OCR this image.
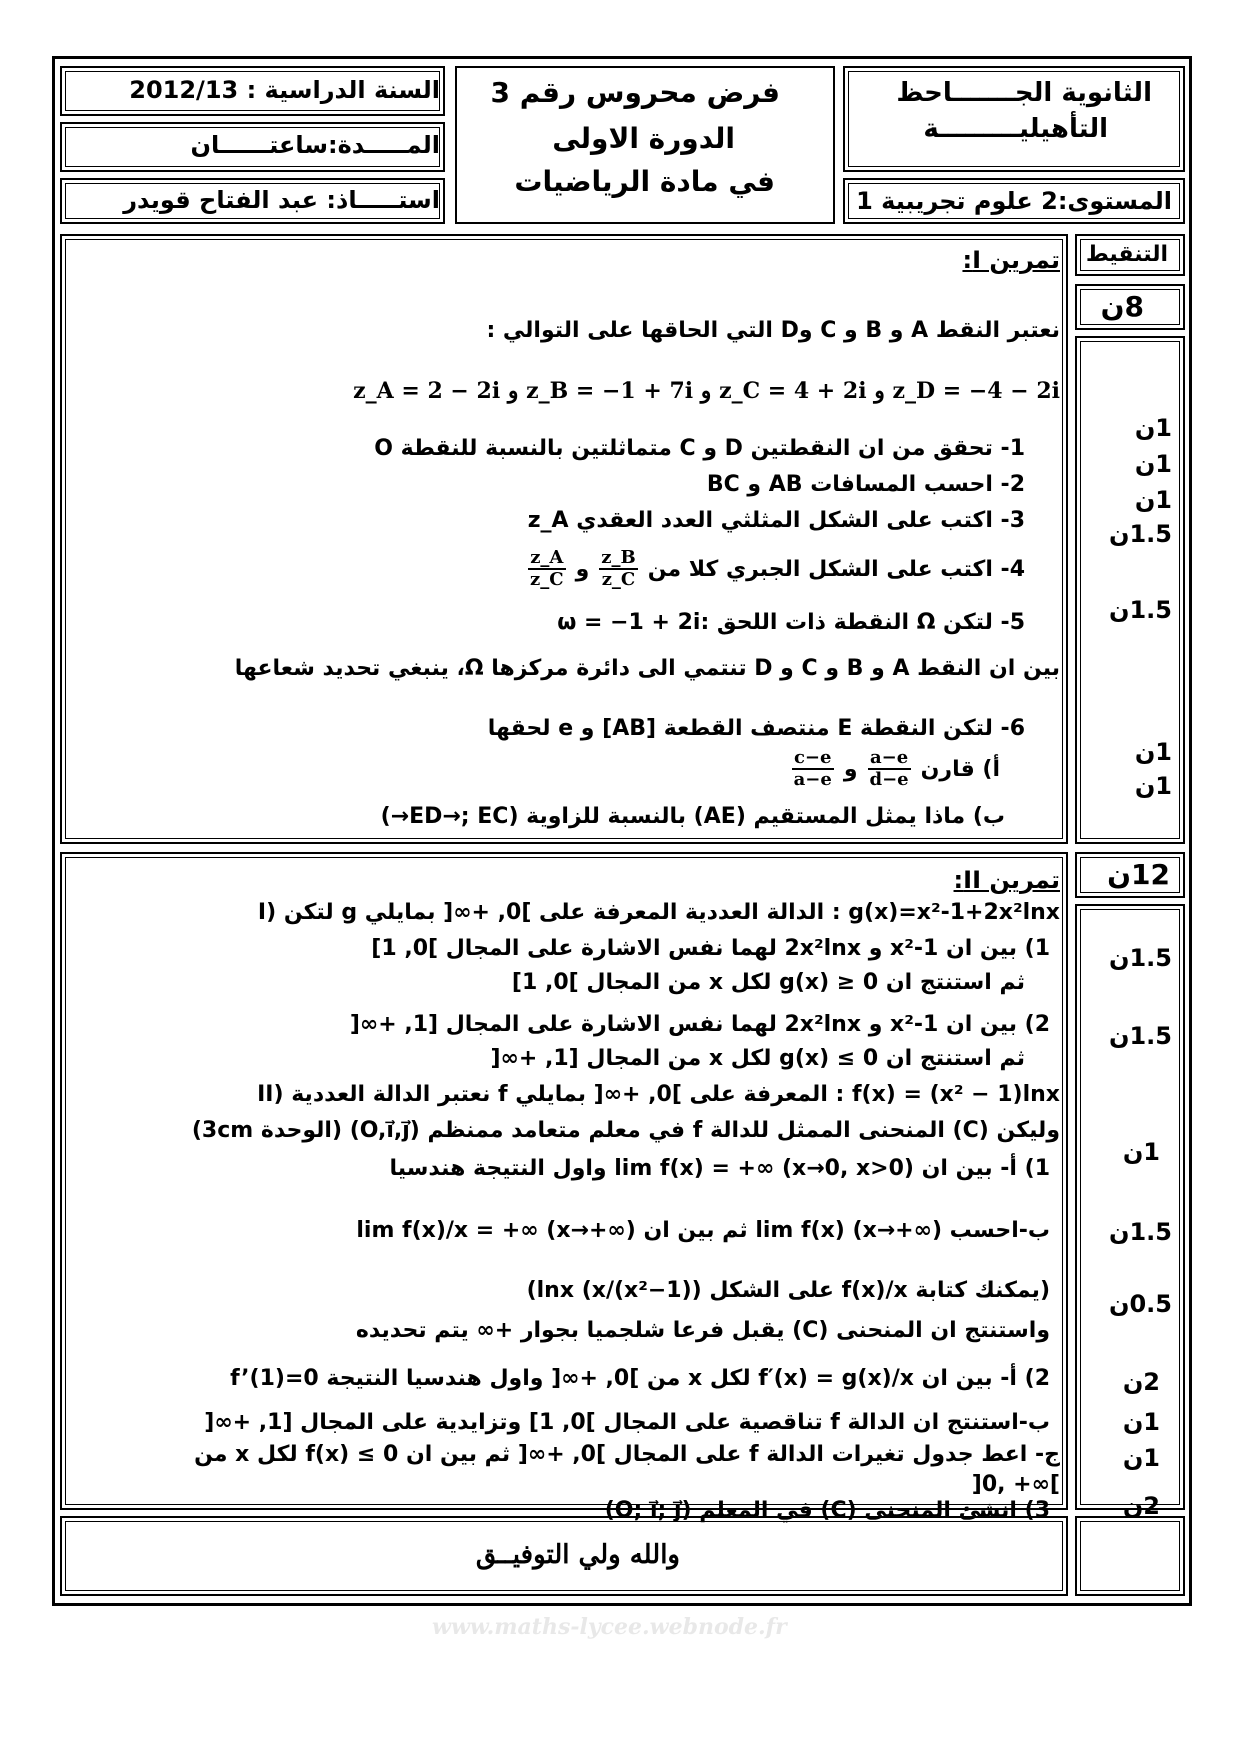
السنة الدراسية : 2012/13
المـــــدة:ساعتــــــان
استـــــاذ: عبد الفتاح قويدر
فرض محروس رقم 3
الدورة الاولى
في مادة الرياضيات
الثانوية الجـــــــاحظ
التأهيليـــــــــة
المستوى:2 علوم تجريبية 1
التنقيط
8ن
تمرين I:
نعتبر النقط A و B و C وD التي الحاقها على التوالي :
z_A = 2 − 2i و z_B = −1 + 7i و z_C = 4 + 2i و z_D = −4 − 2i
1- تحقق من ان النقطتين D و C متماثلتين بالنسبة للنقطة O
2- احسب المسافات AB و BC
3- اكتب على الشكل المثلثي العدد العقدي z_A
4- اكتب على الشكل الجبري كلا من
$\frac{z\_B}{z\_C}$
و
$\frac{z\_A}{z\_C}$
5- لتكن Ω النقطة ذات اللحق :ω = −1 + 2i
بين ان النقط A و B و C و D تنتمي الى دائرة مركزها Ω، ينبغي تحديد شعاعها
6- لتكن النقطة E منتصف القطعة [AB] و e لحقها
أ) قارن
$\frac{a-e}{d-e}$
و
$\frac{c-e}{a-e}$
ب) ماذا يمثل المستقيم (AE) بالنسبة للزاوية (ED→; EC→)
1ن
1ن
1ن
1.5ن
1.5ن
1ن
1ن
12ن
تمرين II:
I) لتكن g الدالة العددية المعرفة على ]0, +∞[ بمايلي : g(x)=x²-1+2x²lnx
1) بين ان x²-1 و 2x²lnx لهما نفس الاشارة على المجال ]0, 1]
ثم استنتج ان 0 ≤ g(x) لكل x من المجال ]0, 1]
2) بين ان x²-1 و 2x²lnx لهما نفس الاشارة على المجال [1, +∞[
ثم استنتج ان 0 ≥ g(x) لكل x من المجال [1, +∞[
II) نعتبر الدالة العددية f المعرفة على ]0, +∞[ بمايلي : f(x) = (x² − 1)lnx
وليكن (C) المنحنى الممثل للدالة f في معلم متعامد ممنظم (O,i⃗,j⃗) (الوحدة 3cm)
1) أ- بين ان lim f(x) = +∞ (x→0, x>0) واول النتيجة هندسيا
ب-احسب lim f(x) (x→+∞) ثم بين ان lim f(x)/x = +∞ (x→+∞)
(يمكنك كتابة f(x)/x على الشكل ((x²−1)/x) lnx)
واستنتج ان المنحنى (C) يقبل فرعا شلجميا بجوار +∞ يتم تحديده
2) أ- بين ان f′(x) = g(x)/x لكل x من ]0, +∞[ واول هندسيا النتيجة f’(1)=0
ب-استنتج ان الدالة f تناقصية على المجال ]0, 1] وتزايدية على المجال [1, +∞[
ج- اعط جدول تغيرات الدالة f على المجال ]0, +∞[ ثم بين ان 0 ≥ f(x) لكل x من
]0, +∞[
1.5ن
1.5ن
1ن
1.5ن
0.5ن
2ن
1ن
1ن
2ن
3) انشئ المنحنى (C) في المعلم (O; i⃗; j⃗)
والله ولي التوفيــق
www.maths-lycee.webnode.fr
